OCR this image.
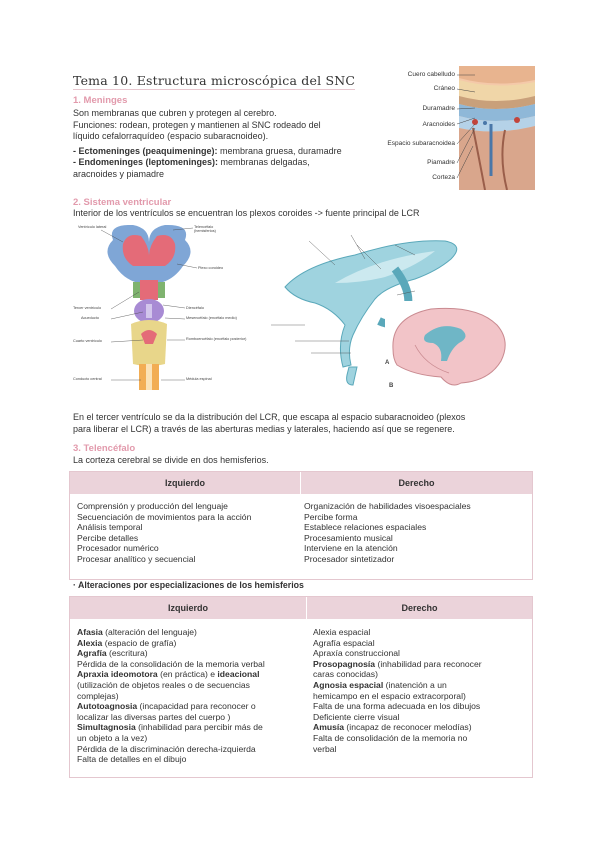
Tema 10. Estructura microscópica del SNC
1. Meninges
Son membranas que cubren y protegen al cerebro.
Funciones: rodean, protegen y mantienen al SNC rodeado del
líquido cefalorraquídeo (espacio subaracnoideo).
- Ectomeninges (peaquimeninge): membrana gruesa, duramadre
- Endomeninges (leptomeninges): membranas delgadas,
aracnoides y piamadre
Cuero cabelludo
Cráneo
Duramadre
Aracnoides
Espacio subaracnoidea
Piamadre
Corteza
2. Sistema ventricular
Interior de los ventrículos se encuentran los plexos coroides -> fuente principal de LCR
Ventrículo lateral
Tercer ventrículo
Acueducto
Cuarto ventrículo
Conducto central
Telencéfalo (hemisferios)
Plexo coroideo
Diencéfalo
Mesencéfalo (encéfalo medio)
Romboencéfalo (encéfalo posterior)
Médula espinal
A
B
En el tercer ventrículo se da la distribución del LCR, que escapa al espacio subaracnoideo (plexos
para liberar el LCR) a través de las aberturas medias y laterales, haciendo así que se regenere.
3. Telencéfalo
La corteza cerebral se divide en dos hemisferios.
Izquierdo	Derecho
Comprensión y producción del lenguaje
Secuenciación de movimientos para la acción
Análisis temporal
Percibe detalles
Procesador numérico
Procesar analítico y secuencial
Organización de habilidades visoespaciales
Percibe forma
Establece relaciones espaciales
Procesamiento musical
Interviene en la atención
Procesador sintetizador
· Alteraciones por especializaciones de los hemisferios
Izquierdo	Derecho
Afasia (alteración del lenguaje)
Alexia (espacio de grafía)
Agrafía (escritura)
Pérdida de la consolidación de la memoria verbal
Apraxia ideomotora (en práctica) e ideacional
(utilización de objetos reales o de secuencias
complejas)
Autotoagnosia (incapacidad para reconocer o
localizar las diversas partes del cuerpo )
Simultagnosia (inhabilidad para percibir más de
un objeto a la vez)
Pérdida de la discriminación derecha-izquierda
Falta de detalles en el dibujo
Alexia espacial
Agrafía espacial
Apraxía construccional
Prosopagnosía (inhabilidad para reconocer
caras conocidas)
Agnosia espacial (inatención a un
hemicampo en el espacio extracorporal)
Falta de una forma adecuada en los dibujos
Deficiente cierre visual
Amusía (incapaz de reconocer melodías)
Falta de consolidación de la memoria no
verbal
